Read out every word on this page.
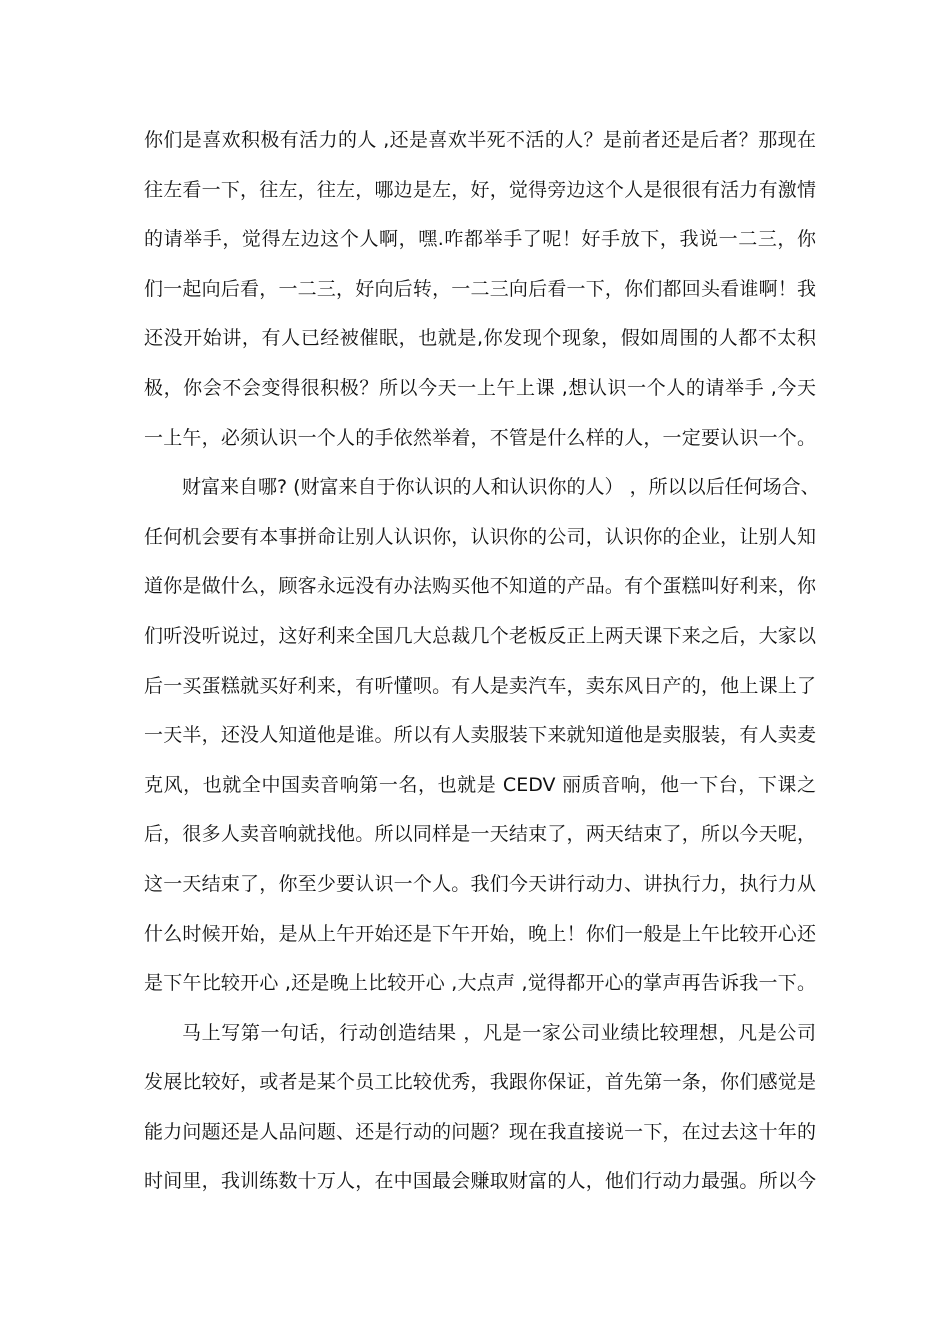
你们是喜欢积极有活力的人 ,还是喜欢半死不活的人？是前者还是后者？那现在
往左看一下，往左，往左，哪边是左，好，觉得旁边这个人是很很有活力有激情
的请举手，觉得左边这个人啊，嘿.咋都举手了呢！好手放下，我说一二三，你
们一起向后看，一二三，好向后转，一二三向后看一下，你们都回头看谁啊！我
还没开始讲，有人已经被催眠，也就是,你发现个现象，假如周围的人都不太积
极，你会不会变得很积极？所以今天一上午上课 ,想认识一个人的请举手 ,今天
一上午，必须认识一个人的手依然举着，不管是什么样的人，一定要认识一个。
财富来自哪? (财富来自于你认识的人和认识你的人） ，所以以后任何场合、
任何机会要有本事拼命让别人认识你，认识你的公司，认识你的企业，让别人知
道你是做什么，顾客永远没有办法购买他不知道的产品。有个蛋糕叫好利来，你
们听没听说过，这好利来全国几大总裁几个老板反正上两天课下来之后，大家以
后一买蛋糕就买好利来，有听懂呗。有人是卖汽车，卖东风日产的，他上课上了
一天半，还没人知道他是谁。所以有人卖服装下来就知道他是卖服装，有人卖麦
克风，也就全中国卖音响第一名，也就是 CEDV 丽质音响，他一下台，下课之
后，很多人卖音响就找他。所以同样是一天结束了，两天结束了，所以今天呢，
这一天结束了，你至少要认识一个人。我们今天讲行动力、讲执行力，执行力从
什么时候开始，是从上午开始还是下午开始，晚上！你们一般是上午比较开心还
是下午比较开心 ,还是晚上比较开心 ,大点声 ,觉得都开心的掌声再告诉我一下。
马上写第一句话，行动创造结果 ，凡是一家公司业绩比较理想，凡是公司
发展比较好，或者是某个员工比较优秀，我跟你保证，首先第一条，你们感觉是
能力问题还是人品问题、还是行动的问题？现在我直接说一下，在过去这十年的
时间里，我训练数十万人，在中国最会赚取财富的人，他们行动力最强。所以今
